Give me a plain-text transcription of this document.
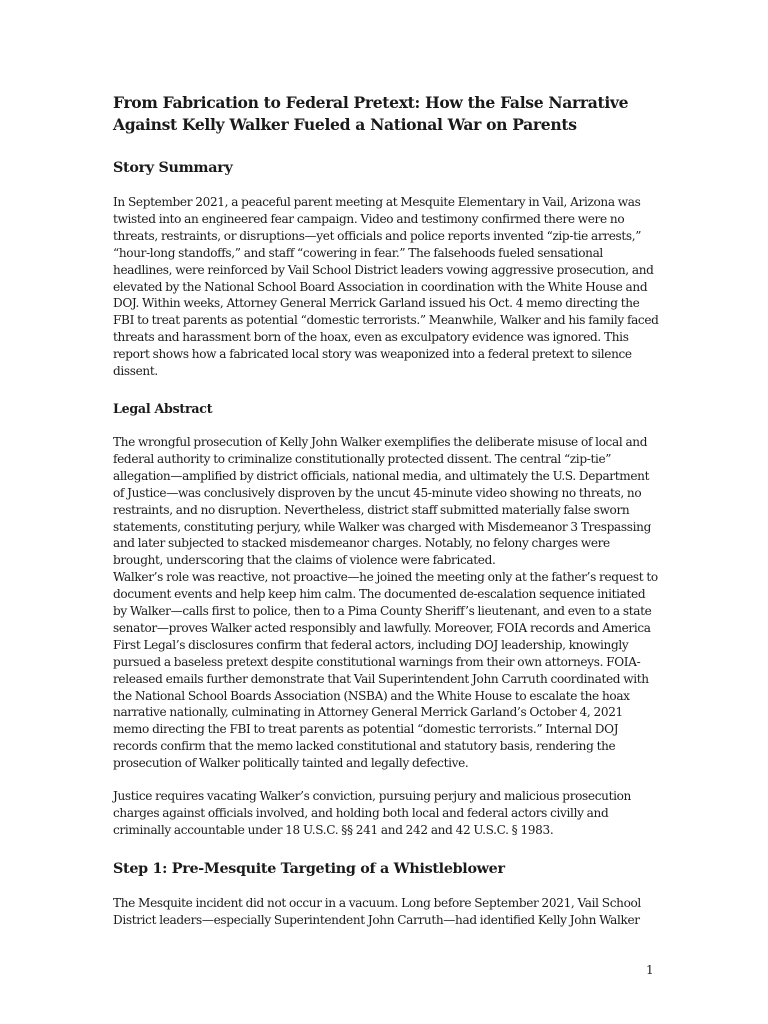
From Fabrication to Federal Pretext: How the False Narrative Against Kelly Walker Fueled a National War on Parents
Story Summary

In September 2021, a peaceful parent meeting at Mesquite Elementary in Vail, Arizona was twisted into an engineered fear campaign. Video and testimony confirmed there were no threats, restraints, or disruptions—yet officials and police reports invented “zip-tie arrests,” “hour-long standoffs,” and staff “cowering in fear.” The falsehoods fueled sensational headlines, were reinforced by Vail School District leaders vowing aggressive prosecution, and elevated by the National School Board Association in coordination with the White House and DOJ. Within weeks, Attorney General Merrick Garland issued his Oct. 4 memo directing the FBI to treat parents as potential “domestic terrorists.” Meanwhile, Walker and his family faced threats and harassment born of the hoax, even as exculpatory evidence was ignored. This report shows how a fabricated local story was weaponized into a federal pretext to silence dissent.

Legal Abstract

The wrongful prosecution of Kelly John Walker exemplifies the deliberate misuse of local and federal authority to criminalize constitutionally protected dissent. The central “zip-tie” allegation—amplified by district officials, national media, and ultimately the U.S. Department of Justice—was conclusively disproven by the uncut 45-minute video showing no threats, no restraints, and no disruption. Nevertheless, district staff submitted materially false sworn statements, constituting perjury, while Walker was charged with Misdemeanor 3 Trespassing and later subjected to stacked misdemeanor charges. Notably, no felony charges were brought, underscoring that the claims of violence were fabricated.

Walker’s role was reactive, not proactive—he joined the meeting only at the father’s request to document events and help keep him calm. The documented de-escalation sequence initiated by Walker—calls first to police, then to a Pima County Sheriff’s lieutenant, and even to a state senator—proves Walker acted responsibly and lawfully. Moreover, FOIA records and America First Legal’s disclosures confirm that federal actors, including DOJ leadership, knowingly pursued a baseless pretext despite constitutional warnings from their own attorneys. FOIA-released emails further demonstrate that Vail Superintendent John Carruth coordinated with the National School Boards Association (NSBA) and the White House to escalate the hoax narrative nationally, culminating in Attorney General Merrick Garland’s October 4, 2021 memo directing the FBI to treat parents as potential “domestic terrorists.” Internal DOJ records confirm that the memo lacked constitutional and statutory basis, rendering the prosecution of Walker politically tainted and legally defective.

Justice requires vacating Walker’s conviction, pursuing perjury and malicious prosecution charges against officials involved, and holding both local and federal actors civilly and criminally accountable under 18 U.S.C. §§ 241 and 242 and 42 U.S.C. § 1983.

Step 1: Pre-Mesquite Targeting of a Whistleblower

The Mesquite incident did not occur in a vacuum. Long before September 2021, Vail School District leaders—especially Superintendent John Carruth—had identified Kelly John Walker

1
